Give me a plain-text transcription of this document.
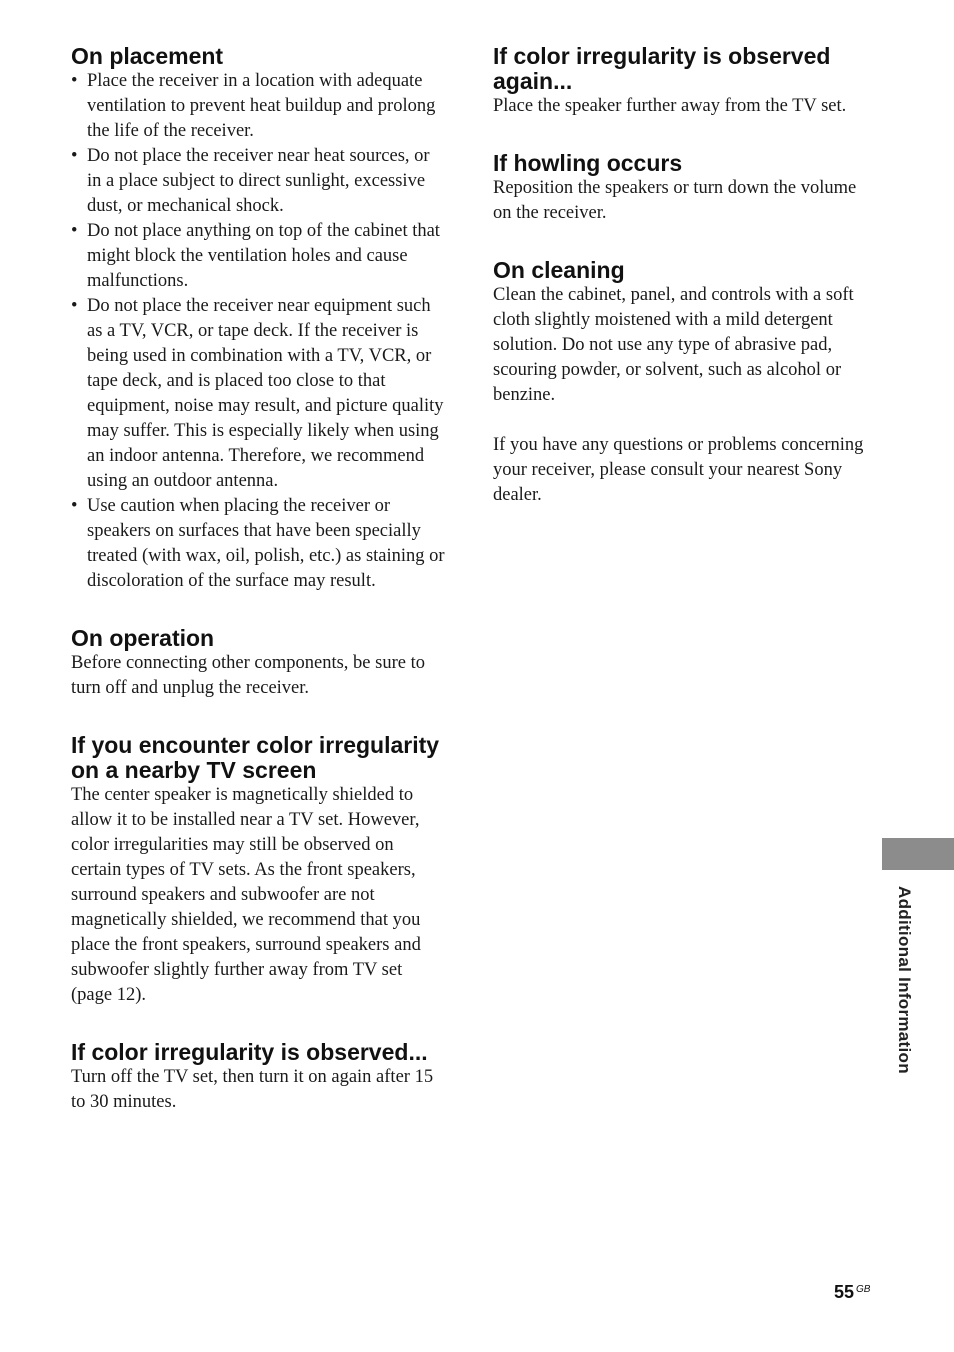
On placement
• Place the receiver in a location with adequate ventilation to prevent heat buildup and prolong the life of the receiver.
• Do not place the receiver near heat sources, or in a place subject to direct sunlight, excessive dust, or mechanical shock.
• Do not place anything on top of the cabinet that might block the ventilation holes and cause malfunctions.
• Do not place the receiver near equipment such as a TV, VCR, or tape deck. If the receiver is being used in combination with a TV, VCR, or tape deck, and is placed too close to that equipment, noise may result, and picture quality may suffer. This is especially likely when using an indoor antenna. Therefore, we recommend using an outdoor antenna.
• Use caution when placing the receiver or speakers on surfaces that have been specially treated (with wax, oil, polish, etc.) as staining or discoloration of the surface may result.
On operation

Before connecting other components, be sure to turn off and unplug the receiver.

If you encounter color irregularity on a nearby TV screen

The center speaker is magnetically shielded to allow it to be installed near a TV set. However, color irregularities may still be observed on certain types of TV sets. As the front speakers, surround speakers and subwoofer are not magnetically shielded, we recommend that you place the front speakers, surround speakers and subwoofer slightly further away from TV set (page 12).

If color irregularity is observed...

Turn off the TV set, then turn it on again after 15 to 30 minutes.

If color irregularity is observed again...

Place the speaker further away from the TV set.

If howling occurs

Reposition the speakers or turn down the volume on the receiver.

On cleaning

Clean the cabinet, panel, and controls with a soft cloth slightly moistened with a mild detergent solution. Do not use any type of abrasive pad, scouring powder, or solvent, such as alcohol or benzine.

If you have any questions or problems concerning your receiver, please consult your nearest Sony dealer.

Additional Information
55 GB
